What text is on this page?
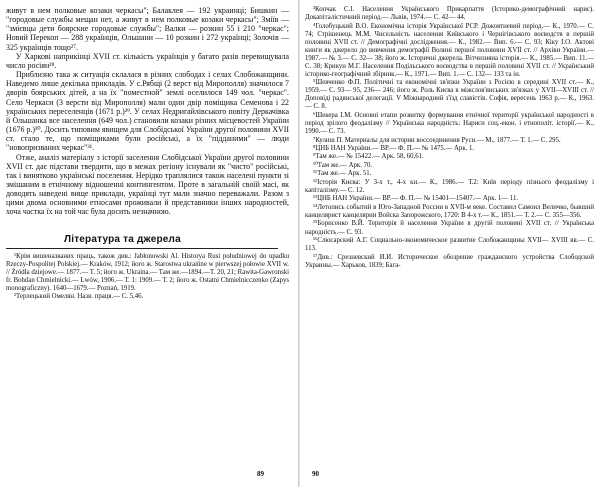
живут в нем полковые козаки черкасы"; Балаклея — 192 украинці; Бишкин — "городовые службы мещан нет, а живут в нем полковые козаки черкасы"; Зміїв — "змієвцы дети боярские городовые службы"; Валки — розкин 55 і 210 "черкас"; Новий Перекоп — 288 українців, Ольшани — 10 розкин і 272 українці; Золочів — 325 українців тощо²⁷.

У Харкові наприкінці XVII ст. кількість українців у багато разів перевищувала число росіян²⁸.

Приблизно така ж ситуація склалася в різних слободах і селах Слобожанщини. Наведемо лише декілька прикладів. У с.Рябщі (2 верст від Мирополля) значилося 7 дворів боярських дітей, а на їх "поместной" землі оселилося 149 чол. "черкас". Село Черкаси (3 версти від Мирополля) мали один двір поміщика Семенова і 22 українських переселенців (1671 р.)²⁹. У селах Недригайлівського повіту Деркачівка й Ольшанка все населення (649 чол.) становили козаки різних місцевостей України (1676 р.)³⁰. Досить типовим явищем для Слобідської України другої половини XVII ст. стало те, що поміщиками були російські, а їх "підданими" — люди "новопризваних черкас"³¹.

Отже, аналіз матеріалу з історії заселення Слобідської України другої половини XVII ст. дає підстави твердити, що в межах регіону існували як "чисто" російські, так і винятково українські поселення. Нерідко траплялися також населені пункти зі змішаним в етнічному відношенні контингентом. Проте в загальній своїй масі, як доводять наведені вище приклади, українці тут мали значно переважали. Разом з цими двома основними етносами проживали й представники інших народностей, хоча частка їх на той час була досить незначною.

Література та джерела

¹Крім вишеназваних праць, також див.: Jabłonowski Al. Historya Rusi południowej do upadku Rzeczy-Pospolitej Polskiej.— Kraków, 1912; його ж. Starostwa ukraińne w pierwszej połowie XVII w. // Źródła dziejowe.— 1877.— T. 5; його ж. Ukraina.— Там же.—1894.—T. 20, 21; Rawita-Gawronski fr. Bohdan Chmielnicki.— Lwów, 1906.— T. 1: 1909.— T. 2; його ж. Ostatni Chmielnicczenko (Zapys monograficzny). 1640—1679.— Poznań, 1919.

²Терлецький Омелян. Назв. праця.— С. 5,46.

³Копчак С.І. Населення Українського Прикарпаття (Історико-демографічний нарис). Докапіталістичний період.— Львів, 1974.— С. 42— 44.

⁴Голобуцький В.О. Економічна історія Української РСР. Дожовтневий період.— К., 1970.— С. 74; Стрішенець М.М. Чисельність населення Київського і Чернігівського воєводств в першій половині XVII ст. // Демографічні дослідження.— К., 1982.— Вип. 6.— С. 93; Кіку І.О. Актові книги як джерело до вивчення демографії Волині першої половини XVII ст. // Архіви України.— 1987.— № 3.— С. 32— 38; його ж. Історичні джерела. Вітчизняна історія.— К., 1985.— Вип. 11.— С. 38; Крикун М.Г. Населення Подільського воєводства в першій половині XVII ст. // Український історико-географічний збірник.— К., 1971.— Вип. 1.— С. 132— 133 та ін.

⁵Шевченко Ф.П. Політичні та економічні зв'язки України з Росією в середині XVII ст.— К., 1959.— С. 93— 95, 236— 246; його ж. Роль Києва в міжслов'янських зв'язках у XVII—XVIII ст. // Доповіді радянської делегації. V Міжнародний з'їзд славістів. Софія, вересень 1963 р.— К., 1963.— С. 8.

⁶Шекера І.М. Основні етапи розвитку формування етнічної території української народності в період зрілого феодалізму // Українська народність: Нариси соц.-екон. і етнополіт. історії.— К., 1990.— С. 73.

⁷Кулиш П. Материалы для истории воссоединения Руси.— М., 1877.— Т. 1.— С. 295.

⁸ЦНБ НАН України.— ВР.— Ф. П.— № 1475.— Арк. 1.

⁹Там же.— № 15422.— Арк. 58, 60,61.

¹⁰Там же.— Арк. 70.

¹¹Там же.— Арк. 51.

¹²Історія Києва: У 3-х т., 4-х кн.— К., 1986.— Т.2: Київ періоду пізнього феодалізму і капіталізму.— С. 12.

¹³ЦНБ НАН України.— ВР.— Ф. П.— № 15401—15407.— Арк. 1— 11.

¹⁴Летопись событий в Юго-Западной России в XVII-м веке. Составил Самоил Величко, бывший канцелярист канцелярии Войска Запорожского, 1720: В 4-х т.— К., 1851.— Т. 2.— С. 355—356.

¹⁵Борисенко В.Й. Територія й населення України в другій половині XVII ст. // Українська народність.— С. 93.

¹⁶Слюсарский А.Г. Социально-экономическое развитие Слобожанщины XVII— XVIII вв.— С. 113.

¹⁷Див.: Срезневский И.И. Историческое обозрение гражданского устройства Слободской Украины.— Харьков, 1839; Бага-

89	90
